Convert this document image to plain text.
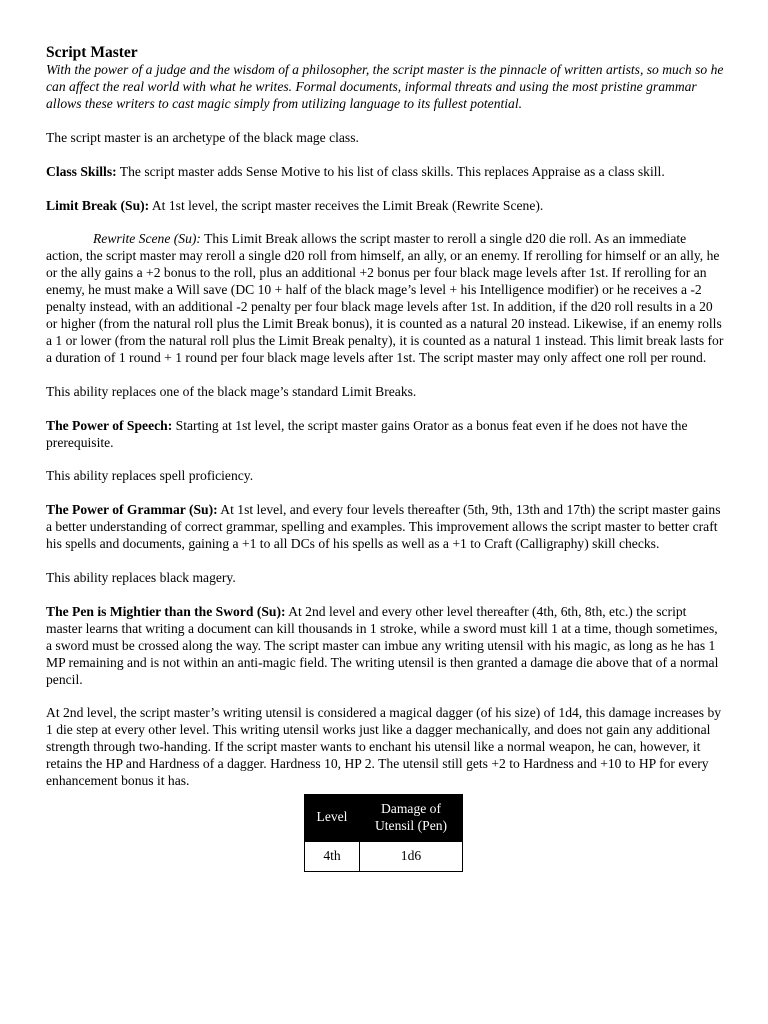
Script Master

With the power of a judge and the wisdom of a philosopher, the script master is the pinnacle of written artists, so much so he can affect the real world with what he writes. Formal documents, informal threats and using the most pristine grammar allows these writers to cast magic simply from utilizing language to its fullest potential.

The script master is an archetype of the black mage class.

Class Skills: The script master adds Sense Motive to his list of class skills. This replaces Appraise as a class skill.

Limit Break (Su): At 1st level, the script master receives the Limit Break (Rewrite Scene).

Rewrite Scene (Su): This Limit Break allows the script master to reroll a single d20 die roll. As an immediate action, the script master may reroll a single d20 roll from himself, an ally, or an enemy. If rerolling for himself or an ally, he or the ally gains a +2 bonus to the roll, plus an additional +2 bonus per four black mage levels after 1st. If rerolling for an enemy, he must make a Will save (DC 10 + half of the black mage’s level + his Intelligence modifier) or he receives a -2 penalty instead, with an additional -2 penalty per four black mage levels after 1st. In addition, if the d20 roll results in a 20 or higher (from the natural roll plus the Limit Break bonus), it is counted as a natural 20 instead. Likewise, if an enemy rolls a 1 or lower (from the natural roll plus the Limit Break penalty), it is counted as a natural 1 instead. This limit break lasts for a duration of 1 round + 1 round per four black mage levels after 1st. The script master may only affect one roll per round.

This ability replaces one of the black mage’s standard Limit Breaks.

The Power of Speech: Starting at 1st level, the script master gains Orator as a bonus feat even if he does not have the prerequisite.

This ability replaces spell proficiency.

The Power of Grammar (Su): At 1st level, and every four levels thereafter (5th, 9th, 13th and 17th) the script master gains a better understanding of correct grammar, spelling and examples. This improvement allows the script master to better craft his spells and documents, gaining a +1 to all DCs of his spells as well as a +1 to Craft (Calligraphy) skill checks.

This ability replaces black magery.

The Pen is Mightier than the Sword (Su): At 2nd level and every other level thereafter (4th, 6th, 8th, etc.) the script master learns that writing a document can kill thousands in 1 stroke, while a sword must kill 1 at a time, though sometimes, a sword must be crossed along the way. The script master can imbue any writing utensil with his magic, as long as he has 1 MP remaining and is not within an anti-magic field. The writing utensil is then granted a damage die above that of a normal pencil.

At 2nd level, the script master’s writing utensil is considered a magical dagger (of his size) of 1d4, this damage increases by 1 die step at every other level. This writing utensil works just like a dagger mechanically, and does not gain any additional strength through two-handing. If the script master wants to enchant his utensil like a normal weapon, he can, however, it retains the HP and Hardness of a dagger. Hardness 10, HP 2. The utensil still gets +2 to Hardness and +10 to HP for every enhancement bonus it has.

Level	Damage of Utensil (Pen)
4th	1d6
